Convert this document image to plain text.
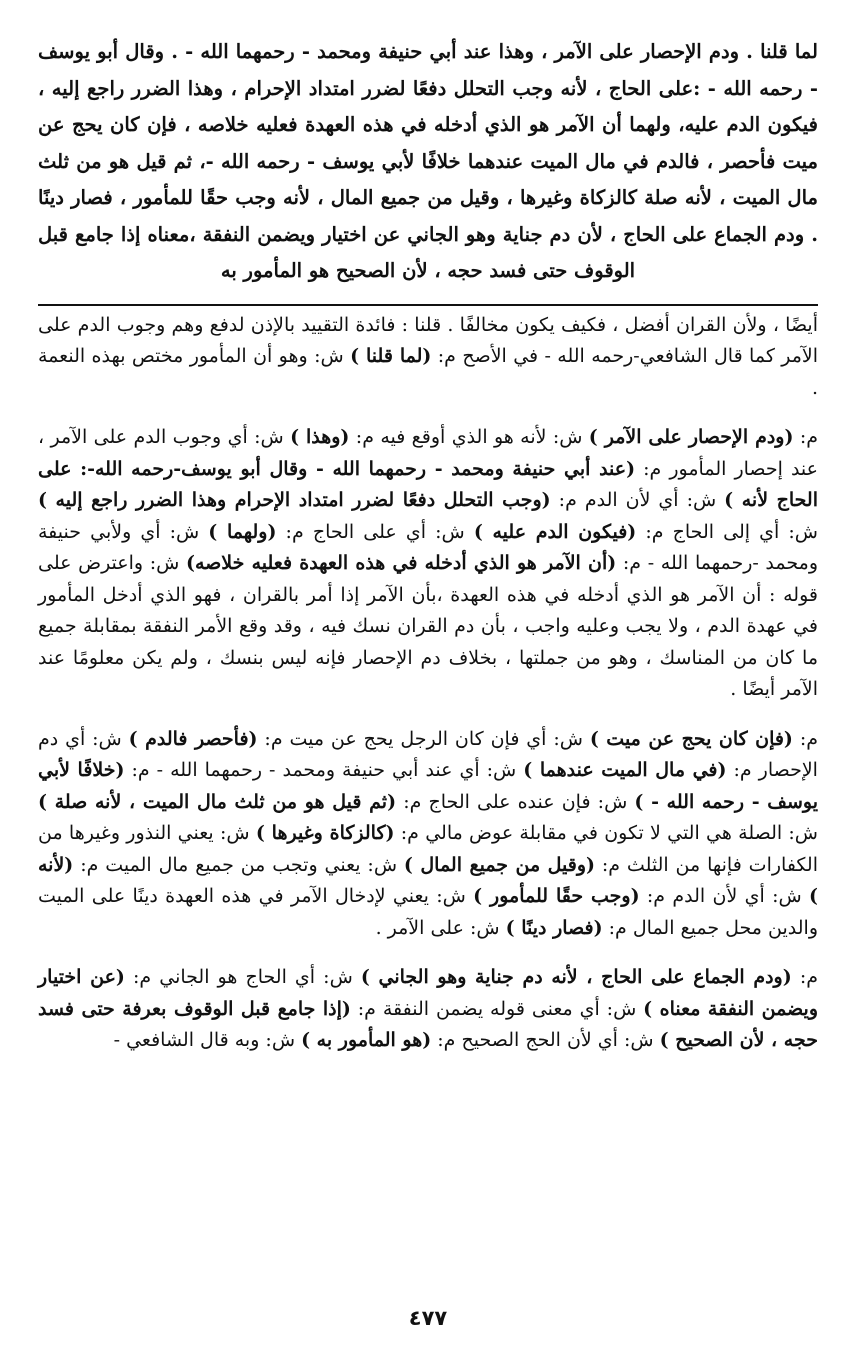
لما قلنا . ودم الإحصار على الآمر ، وهذا عند أبي حنيفة ومحمد - رحمهما الله - . وقال أبو يوسف - رحمه الله - :على الحاج ، لأنه وجب التحلل دفعًا لضرر امتداد الإحرام ، وهذا الضرر راجع إليه ، فيكون الدم عليه، ولهما أن الآمر هو الذي أدخله في هذه العهدة فعليه خلاصه ، فإن كان يحج عن ميت فأحصر ، فالدم في مال الميت عندهما خلافًا لأبي يوسف - رحمه الله -، ثم قيل هو من ثلث مال الميت ، لأنه صلة كالزكاة وغيرها ، وقيل من جميع المال ، لأنه وجب حقًا للمأمور ، فصار دينًا . ودم الجماع على الحاج ، لأن دم جناية وهو الجاني عن اختيار ويضمن النفقة ،معناه إذا جامع قبل الوقوف حتى فسد حجه ، لأن الصحيح هو المأمور به

أيضًا ، ولأن القران أفضل ، فكيف يكون مخالفًا . قلنا : فائدة التقييد بالإذن لدفع وهم وجوب الدم على الآمر كما قال الشافعي-رحمه الله - في الأصح م: (لما قلنا ) ش: وهو أن المأمور مختص بهذه النعمة .

م: (ودم الإحصار على الآمر ) ش: لأنه هو الذي أوقع فيه م: (وهذا ) ش: أي وجوب الدم على الآمر ، عند إحصار المأمور م: (عند أبي حنيفة ومحمد - رحمهما الله - وقال أبو يوسف-رحمه الله-: على الحاج لأنه ) ش: أي لأن الدم م: (وجب التحلل دفعًا لضرر امتداد الإحرام وهذا الضرر راجع إليه ) ش: أي إلى الحاج م: (فيكون الدم عليه ) ش: أي على الحاج م: (ولهما ) ش: أي ولأبي حنيفة ومحمد -رحمهما الله - م: (أن الآمر هو الذي أدخله في هذه العهدة فعليه خلاصه) ش: واعترض على قوله : أن الآمر هو الذي أدخله في هذه العهدة ،بأن الآمر إذا أمر بالقران ، فهو الذي أدخل المأمور في عهدة الدم ، ولا يجب وعليه واجب ، بأن دم القران نسك فيه ، وقد وقع الأمر النفقة بمقابلة جميع ما كان من المناسك ، وهو من جملتها ، بخلاف دم الإحصار فإنه ليس بنسك ، ولم يكن معلومًا عند الآمر أيضًا .

م: (فإن كان يحج عن ميت ) ش: أي فإن كان الرجل يحج عن ميت م: (فأحصر فالدم ) ش: أي دم الإحصار م: (في مال الميت عندهما ) ش: أي عند أبي حنيفة ومحمد - رحمهما الله - م: (خلافًا لأبي يوسف - رحمه الله - ) ش: فإن عنده على الحاج م: (ثم قيل هو من ثلث مال الميت ، لأنه صلة ) ش: الصلة هي التي لا تكون في مقابلة عوض مالي م: (كالزكاة وغيرها ) ش: يعني النذور وغيرها من الكفارات فإنها من الثلث م: (وقيل من جميع المال ) ش: يعني وتجب من جميع مال الميت م: (لأنه ) ش: أي لأن الدم م: (وجب حقًا للمأمور ) ش: يعني لإدخال الآمر في هذه العهدة دينًا على الميت والدين محل جميع المال م: (فصار دينًا ) ش: على الآمر .

م: (ودم الجماع على الحاج ، لأنه دم جناية وهو الجاني ) ش: أي الحاج هو الجاني م: (عن اختيار ويضمن النفقة معناه ) ش: أي معنى قوله يضمن النفقة م: (إذا جامع قبل الوقوف بعرفة حتى فسد حجه ، لأن الصحيح ) ش: أي لأن الحج الصحيح م: (هو المأمور به ) ش: وبه قال الشافعي -

٤٧٧
